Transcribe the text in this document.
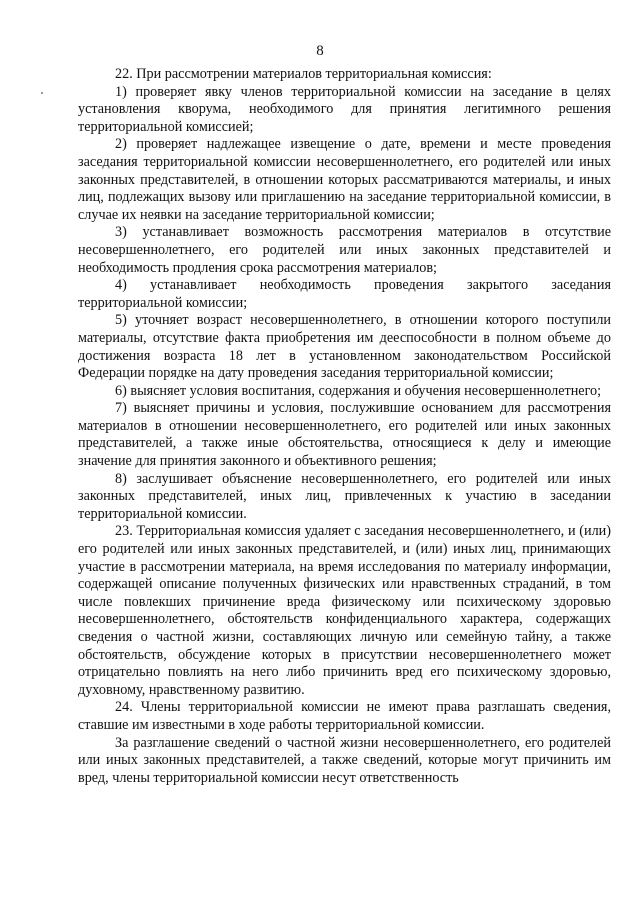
8

22. При рассмотрении материалов территориальная комиссия:

1) проверяет явку членов территориальной комиссии на заседание в целях установления кворума, необходимого для принятия легитимного решения территориальной комиссией;

2) проверяет надлежащее извещение о дате, времени и месте проведения заседания территориальной комиссии несовершеннолетнего, его родителей или иных законных представителей, в отношении которых рассматриваются материалы, и иных лиц, подлежащих вызову или приглашению на заседание территориальной комиссии, в случае их неявки на заседание территориальной комиссии;

3) устанавливает возможность рассмотрения материалов в отсутствие несовершеннолетнего, его родителей или иных законных представителей и необходимость продления срока рассмотрения материалов;

4) устанавливает необходимость проведения закрытого заседания территориальной комиссии;

5) уточняет возраст несовершеннолетнего, в отношении которого поступили материалы, отсутствие факта приобретения им дееспособности в полном объеме до достижения возраста 18 лет в установленном законодательством Российской Федерации порядке на дату проведения заседания территориальной комиссии;

6) выясняет условия воспитания, содержания и обучения несовершеннолетнего;

7) выясняет причины и условия, послужившие основанием для рассмотрения материалов в отношении несовершеннолетнего, его родителей или иных законных представителей, а также иные обстоятельства, относящиеся к делу и имеющие значение для принятия законного и объективного решения;

8) заслушивает объяснение несовершеннолетнего, его родителей или иных законных представителей, иных лиц, привлеченных к участию в заседании территориальной комиссии.

23. Территориальная комиссия удаляет с заседания несовершеннолетнего, и (или) его родителей или иных законных представителей, и (или) иных лиц, принимающих участие в рассмотрении материала, на время исследования по материалу информации, содержащей описание полученных физических или нравственных страданий, в том числе повлекших причинение вреда физическому или психическому здоровью несовершеннолетнего, обстоятельств конфиденциального характера, содержащих сведения о частной жизни, составляющих личную или семейную тайну, а также обстоятельств, обсуждение которых в присутствии несовершеннолетнего может отрицательно повлиять на него либо причинить вред его психическому здоровью, духовному, нравственному развитию.

24. Члены территориальной комиссии не имеют права разглашать сведения, ставшие им известными в ходе работы территориальной комиссии.

За разглашение сведений о частной жизни несовершеннолетнего, его родителей или иных законных представителей, а также сведений, которые могут причинить им вред, члены территориальной комиссии несут ответственность
